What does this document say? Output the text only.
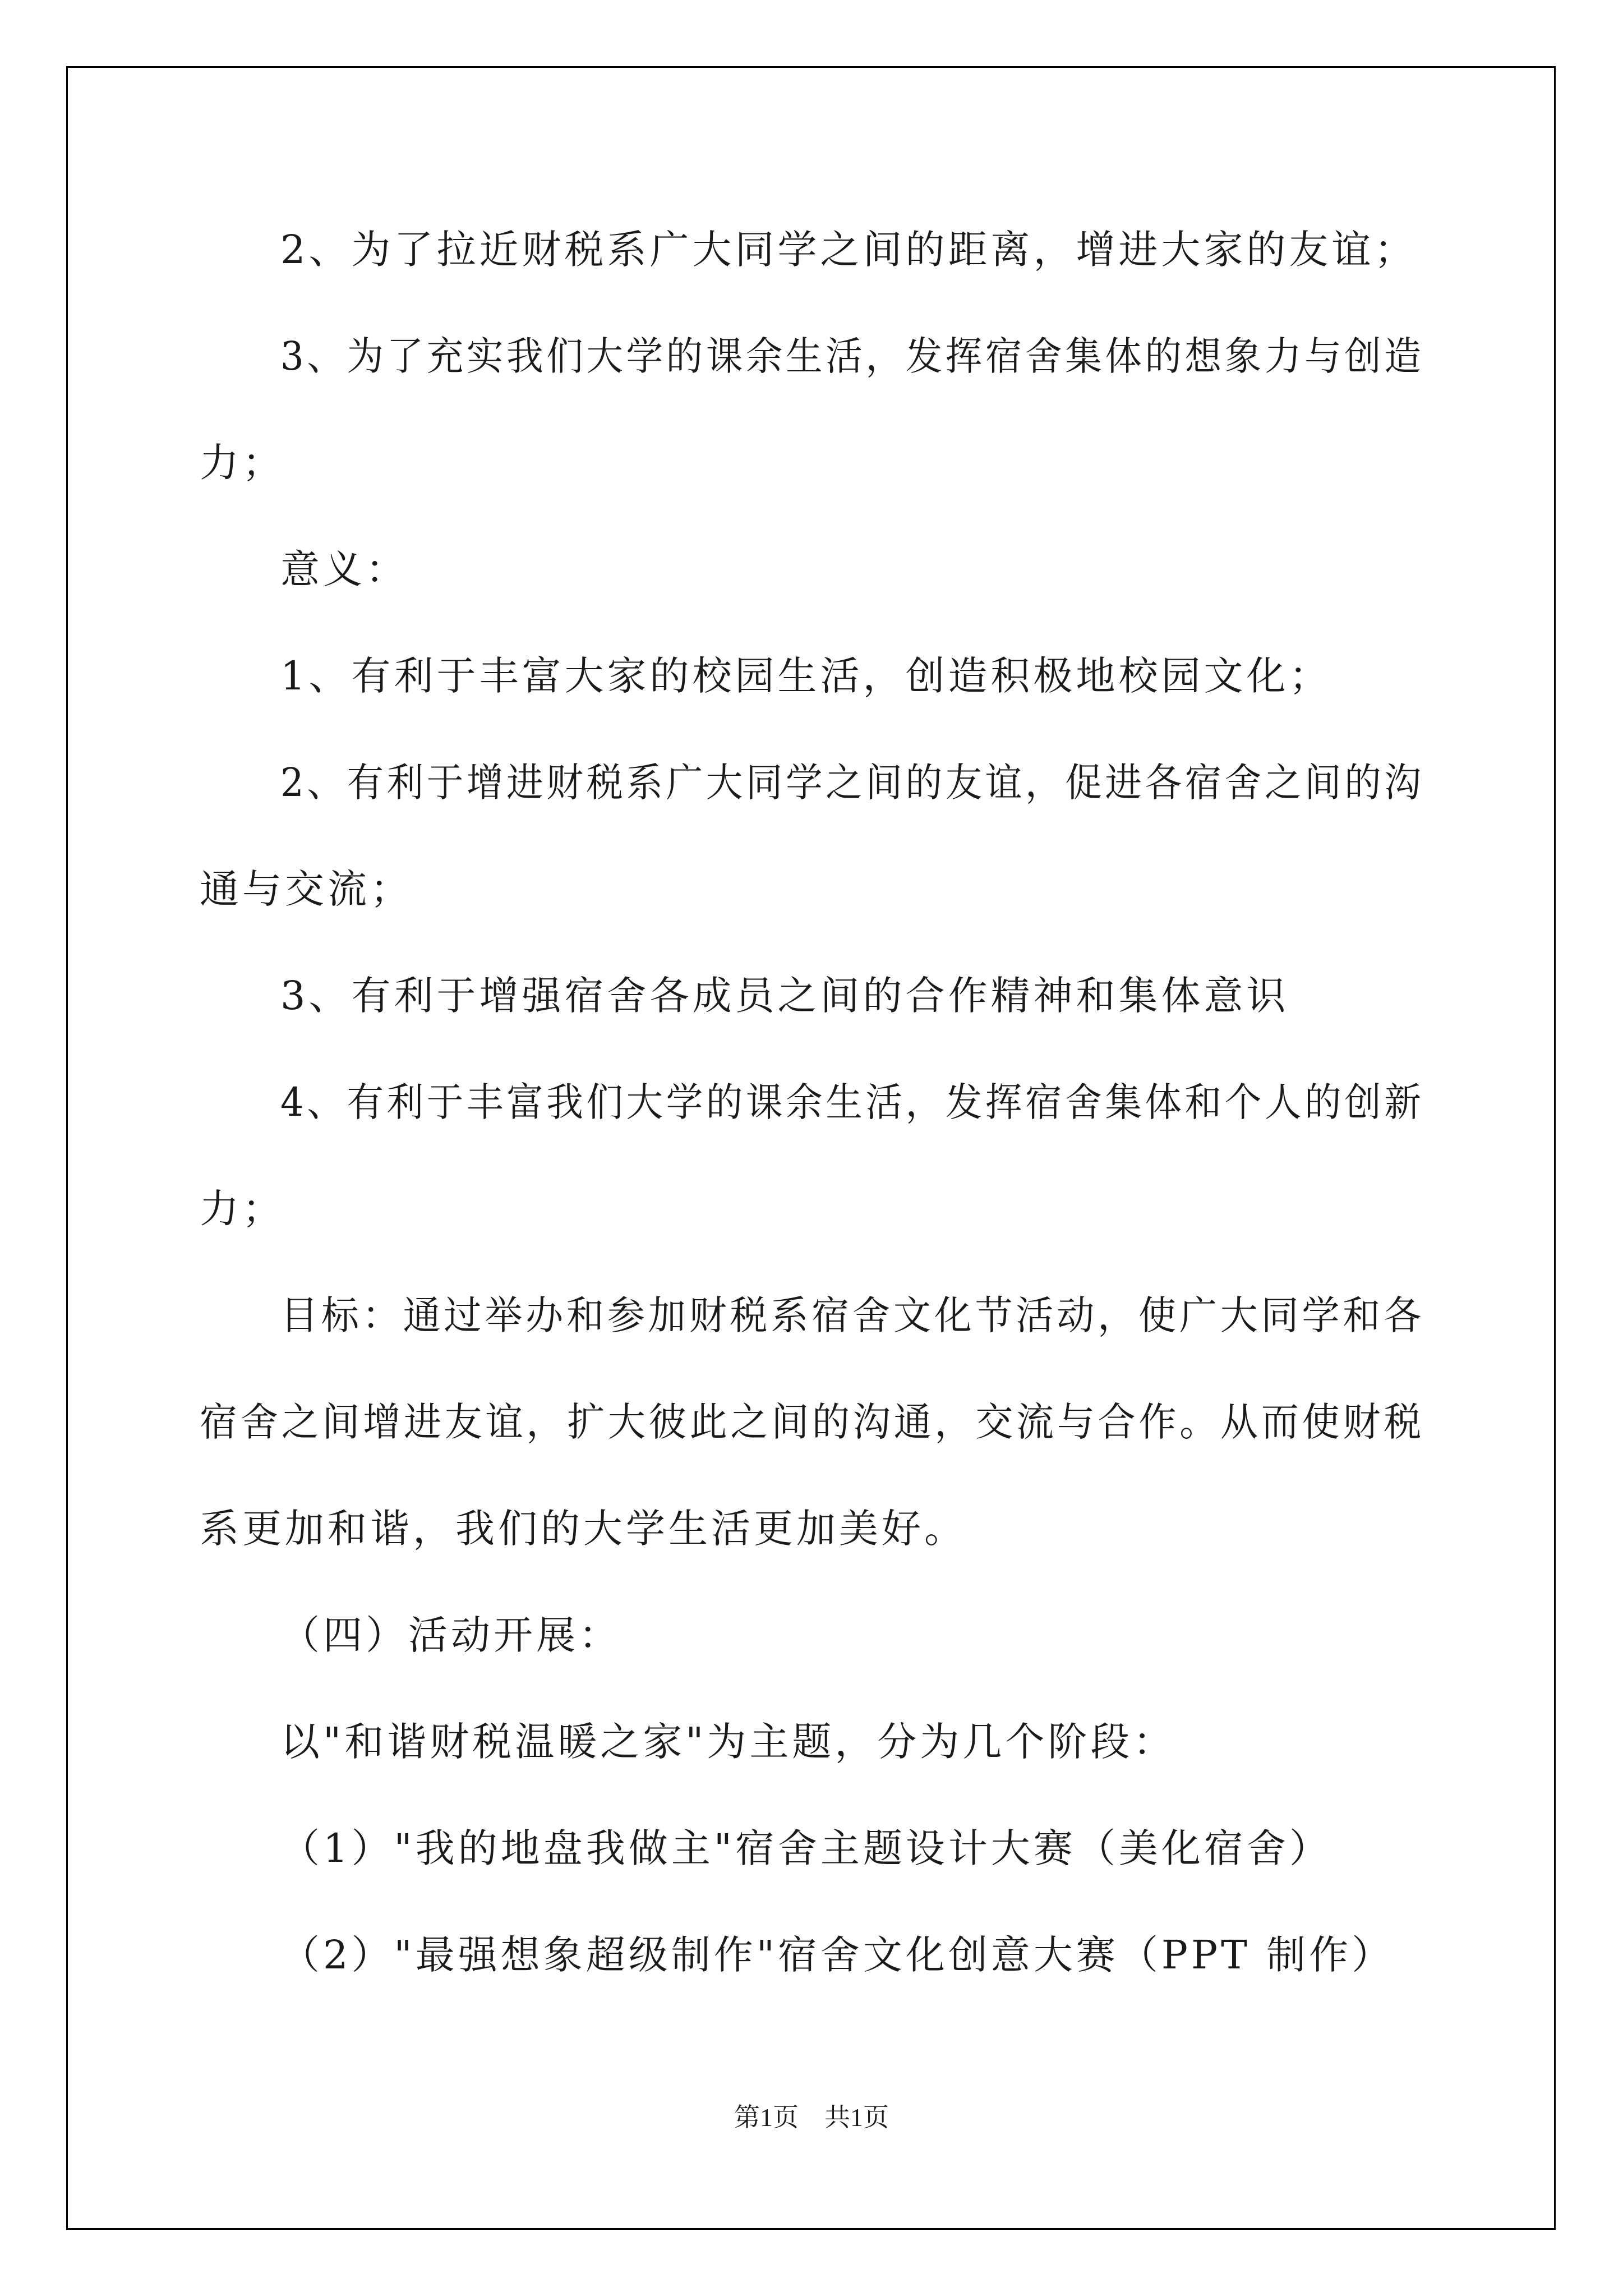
2、为了拉近财税系广大同学之间的距离，增进大家的友谊；

3、为了充实我们大学的课余生活，发挥宿舍集体的想象力与创造

力；

意义：

1、有利于丰富大家的校园生活，创造积极地校园文化；

2、有利于增进财税系广大同学之间的友谊，促进各宿舍之间的沟

通与交流；

3、有利于增强宿舍各成员之间的合作精神和集体意识

4、有利于丰富我们大学的课余生活，发挥宿舍集体和个人的创新

力；

目标：通过举办和参加财税系宿舍文化节活动，使广大同学和各

宿舍之间增进友谊，扩大彼此之间的沟通，交流与合作。从而使财税

系更加和谐，我们的大学生活更加美好。

（四）活动开展：

以"和谐财税温暖之家"为主题，分为几个阶段：

（1）"我的地盘我做主"宿舍主题设计大赛（美化宿舍）

（2）"最强想象超级制作"宿舍文化创意大赛（PPT 制作）

第1页　共1页
